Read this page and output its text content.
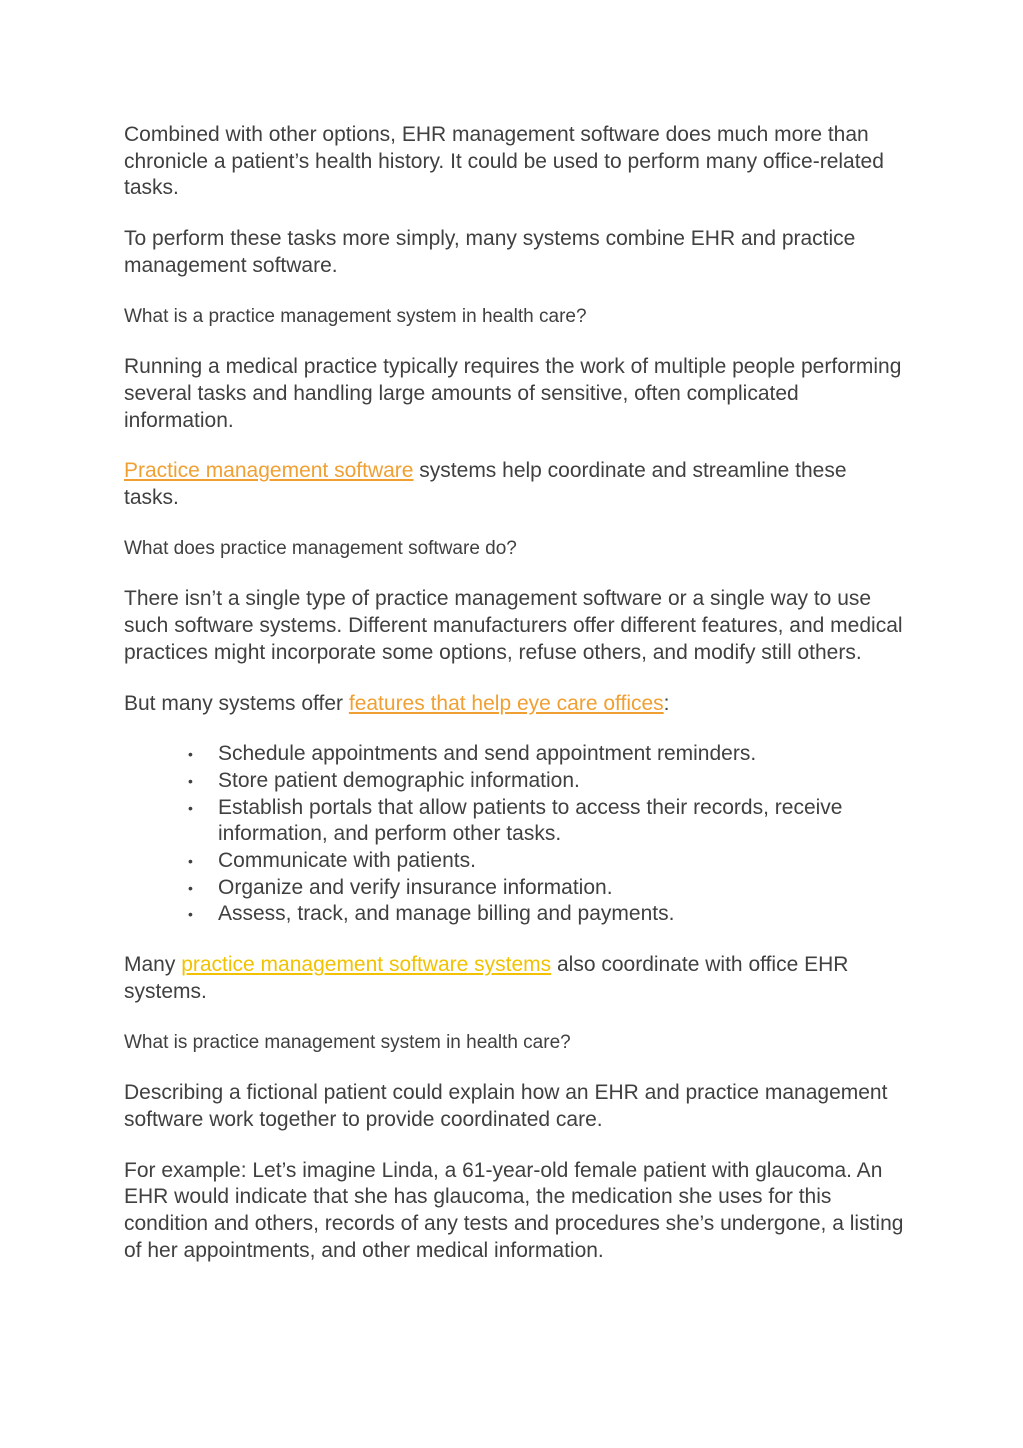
Combined with other options, EHR management software does much more than chronicle a patient’s health history. It could be used to perform many office-related tasks.

To perform these tasks more simply, many systems combine EHR and practice management software.

What is a practice management system in health care?

Running a medical practice typically requires the work of multiple people performing several tasks and handling large amounts of sensitive, often complicated information.

Practice management software systems help coordinate and streamline these tasks.

What does practice management software do?

There isn’t a single type of practice management software or a single way to use such software systems. Different manufacturers offer different features, and medical practices might incorporate some options, refuse others, and modify still others.

But many systems offer features that help eye care offices:

• Schedule appointments and send appointment reminders.
• Store patient demographic information.
• Establish portals that allow patients to access their records, receive information, and perform other tasks.
• Communicate with patients.
• Organize and verify insurance information.
• Assess, track, and manage billing and payments.

Many practice management software systems also coordinate with office EHR systems.

What is practice management system in health care?

Describing a fictional patient could explain how an EHR and practice management software work together to provide coordinated care.

For example: Let’s imagine Linda, a 61-year-old female patient with glaucoma. An EHR would indicate that she has glaucoma, the medication she uses for this condition and others, records of any tests and procedures she’s undergone, a listing of her appointments, and other medical information.
